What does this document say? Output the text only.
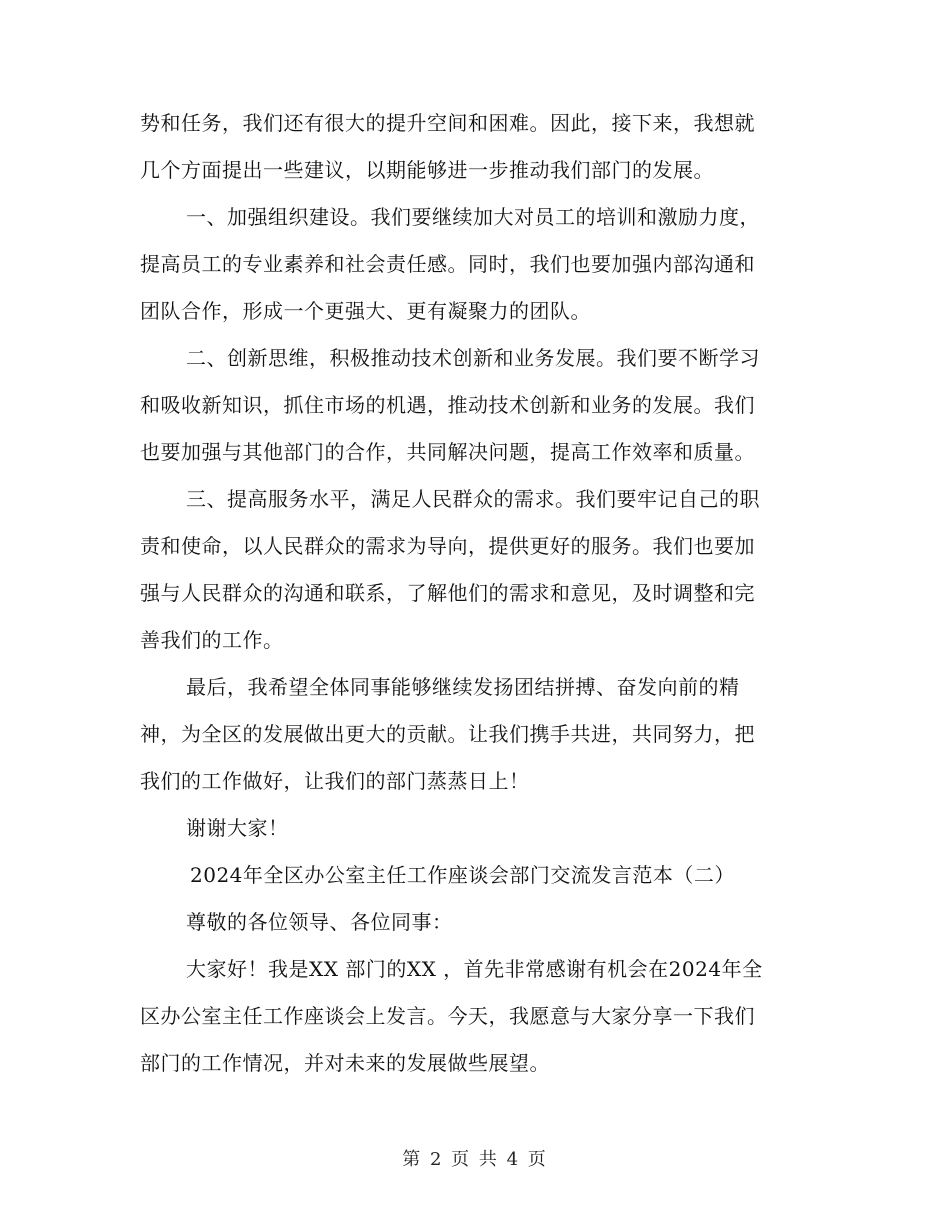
势和任务，我们还有很大的提升空间和困难。因此，接下来，我想就
几个方面提出一些建议，以期能够进一步推动我们部门的发展。
一、加强组织建设。我们要继续加大对员工的培训和激励力度，
提高员工的专业素养和社会责任感。同时，我们也要加强内部沟通和
团队合作，形成一个更强大、更有凝聚力的团队。
二、创新思维，积极推动技术创新和业务发展。我们要不断学习
和吸收新知识，抓住市场的机遇，推动技术创新和业务的发展。我们
也要加强与其他部门的合作，共同解决问题，提高工作效率和质量。
三、提高服务水平，满足人民群众的需求。我们要牢记自己的职
责和使命，以人民群众的需求为导向，提供更好的服务。我们也要加
强与人民群众的沟通和联系，了解他们的需求和意见，及时调整和完
善我们的工作。
最后，我希望全体同事能够继续发扬团结拼搏、奋发向前的精
神，为全区的发展做出更大的贡献。让我们携手共进，共同努力，把
我们的工作做好，让我们的部门蒸蒸日上！
谢谢大家！
2024年全区办公室主任工作座谈会部门交流发言范本（二）
尊敬的各位领导、各位同事：
大家好！我是XX 部门的XX ，首先非常感谢有机会在2024年全
区办公室主任工作座谈会上发言。今天，我愿意与大家分享一下我们
部门的工作情况，并对未来的发展做些展望。
第 2 页 共 4 页
